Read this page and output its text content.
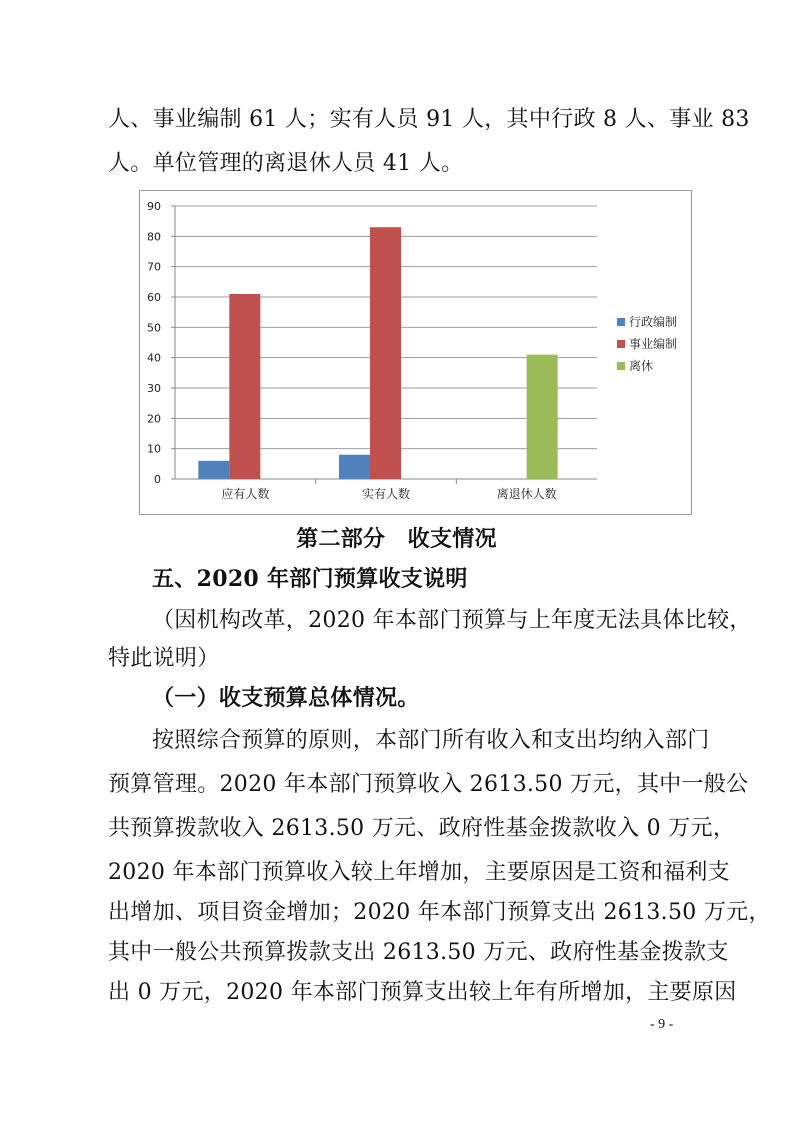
人、事业编制 61 人；实有人员 91 人，其中行政 8 人、事业 83
人。单位管理的离退休人员 41 人。
0
10
20
30
40
50
60
70
80
90
应有人数	实有人数	离退休人数
行政编制
事业编制
离休
第二部分　收支情况
五、2020 年部门预算收支说明
（因机构改革，2020 年本部门预算与上年度无法具体比较，
特此说明）
（一）收支预算总体情况。
按照综合预算的原则，本部门所有收入和支出均纳入部门
预算管理。2020 年本部门预算收入 2613.50 万元，其中一般公
共预算拨款收入 2613.50 万元、政府性基金拨款收入 0 万元，
2020 年本部门预算收入较上年增加，主要原因是工资和福利支
出增加、项目资金增加；2020 年本部门预算支出 2613.50 万元，
其中一般公共预算拨款支出 2613.50 万元、政府性基金拨款支
出 0 万元，2020 年本部门预算支出较上年有所增加，主要原因
- 9 -
